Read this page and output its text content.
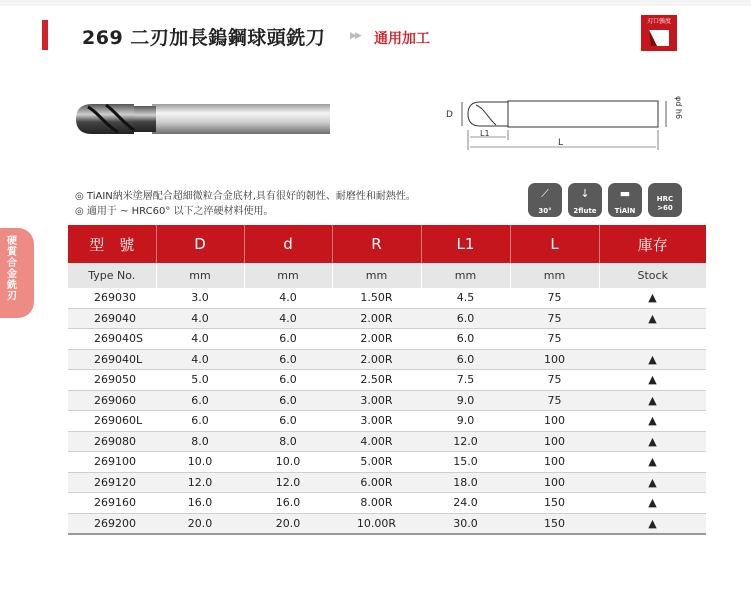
269 二刃加長鎢鋼球頭銑刀	▶▶ 通用加工
刃口強度
D
L1
L
φd h6
◎ TiAIN納米塗層配合超細微粒合金底材,具有很好的韌性、耐磨性和耐熱性。
◎ 適用于 ~ HRC60° 以下之淬硬材料使用。
⟋
30°
↓
2flute
▬
TiAlN
HRC
>60
硬質合金銑刃
型　號	D	d	R	L1	L	庫存
Type No.	mm	mm	mm	mm	mm	Stock
269030	3.0	4.0	1.50R	4.5	75	▲
269040	4.0	4.0	2.00R	6.0	75	▲
269040S	4.0	6.0	2.00R	6.0	75	
269040L	4.0	6.0	2.00R	6.0	100	▲
269050	5.0	6.0	2.50R	7.5	75	▲
269060	6.0	6.0	3.00R	9.0	75	▲
269060L	6.0	6.0	3.00R	9.0	100	▲
269080	8.0	8.0	4.00R	12.0	100	▲
269100	10.0	10.0	5.00R	15.0	100	▲
269120	12.0	12.0	6.00R	18.0	100	▲
269160	16.0	16.0	8.00R	24.0	150	▲
269200	20.0	20.0	10.00R	30.0	150	▲
